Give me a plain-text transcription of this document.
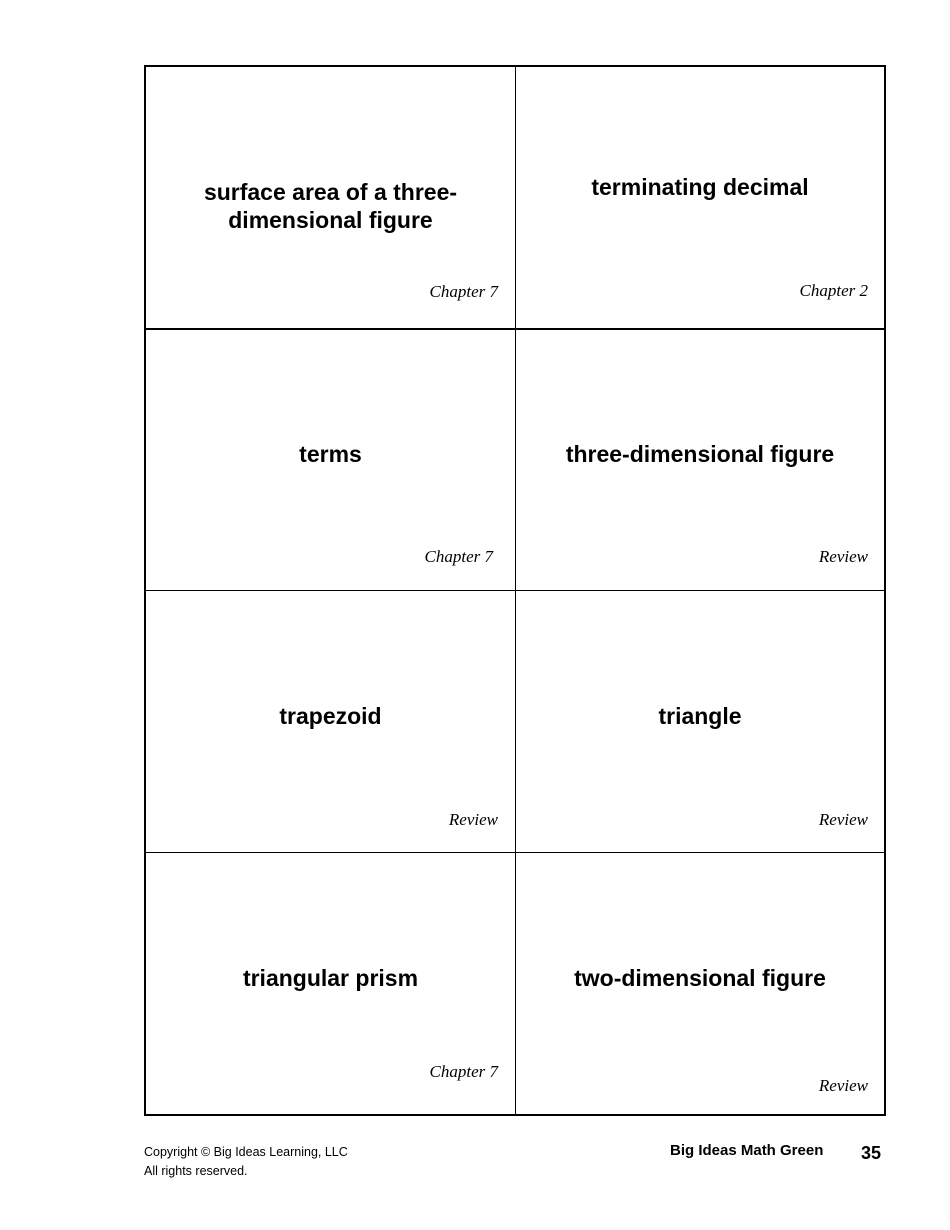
surface area of a three-dimensional figure
Chapter 7
terminating decimal
Chapter 2
terms
Chapter 7
three-dimensional figure
Review
trapezoid
Review
triangle
Review
triangular prism
Chapter 7
two-dimensional figure
Review
Copyright © Big Ideas Learning, LLC
All rights reserved.
Big Ideas Math Green 35
